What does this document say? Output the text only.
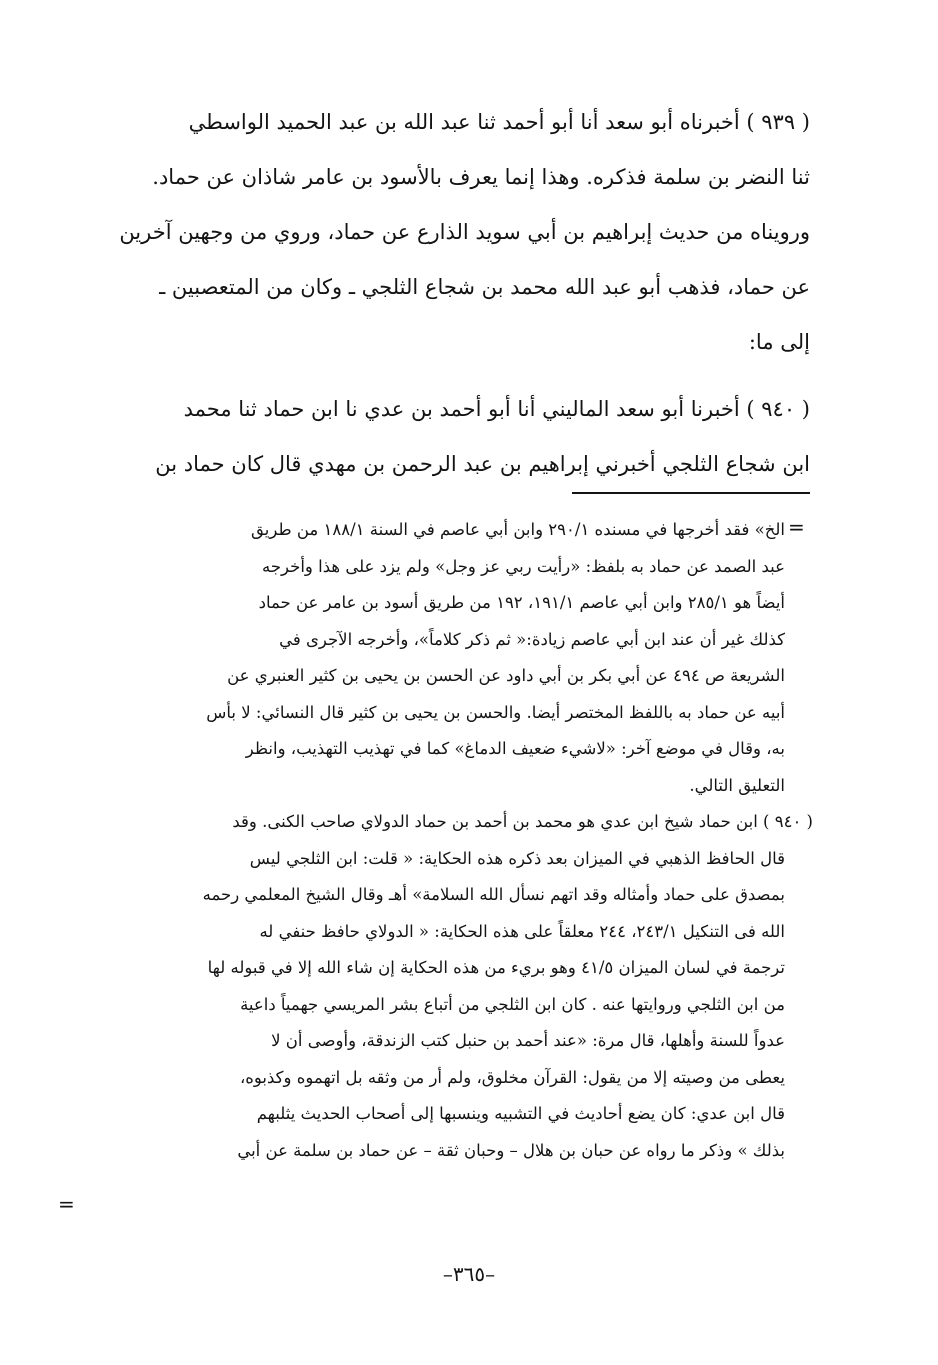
( ٩٣٩ ) أخبرناه أبو سعد أنا أبو أحمد ثنا عبد الله بن عبد الحميد الواسطي
ثنا النضر بن سلمة فذكره. وهذا إنما يعرف بالأسود بن عامر شاذان عن حماد.
ورويناه من حديث إبراهيم بن أبي سويد الذارع عن حماد، وروي من وجهين آخرين
عن حماد، فذهب أبو عبد الله محمد بن شجاع الثلجي ـ وكان من المتعصبين ـ
إلى ما:

( ٩٤٠ ) أخبرنا أبو سعد الماليني أنا أبو أحمد بن عدي نا ابن حماد ثنا محمد
ابن شجاع الثلجي أخبرني إبراهيم بن عبد الرحمن بن مهدي قال كان حماد بن

=
الخ» فقد أخرجها في مسنده ٢٩٠/١ وابن أبي عاصم في السنة ١٨٨/١ من طريق
عبد الصمد عن حماد به بلفظ: «رأيت ربي عز وجل» ولم يزد على هذا وأخرجه
أيضاً هو ٢٨٥/١ وابن أبي عاصم ١٩١/١، ١٩٢ من طريق أسود بن عامر عن حماد
كذلك غير أن عند ابن أبي عاصم زيادة:« ثم ذكر كلاماً»، وأخرجه الآجرى في
الشريعة ص ٤٩٤ عن أبي بكر بن أبي داود عن الحسن بن يحيى بن كثير العنبري عن
أبيه عن حماد به باللفظ المختصر أيضا. والحسن بن يحيى بن كثير قال النسائي: لا بأس
به، وقال في موضع آخر: «لاشيء ضعيف الدماغ» كما في تهذيب التهذيب، وانظر
التعليق التالي.
( ٩٤٠ ) ابن حماد شيخ ابن عدي هو محمد بن أحمد بن حماد الدولاي صاحب الكنى. وقد
قال الحافظ الذهبي في الميزان بعد ذكره هذه الحكاية: « قلت: ابن الثلجي ليس
بمصدق على حماد وأمثاله وقد اتهم نسأل الله السلامة» أهـ وقال الشيخ المعلمي رحمه
الله فى التنكيل ٢٤٣/١، ٢٤٤ معلقاً على هذه الحكاية: « الدولاي حافظ حنفي له
ترجمة في لسان الميزان ٤١/٥ وهو بريء من هذه الحكاية إن شاء الله إلا في قبوله لها
من ابن الثلجي وروايتها عنه . كان ابن الثلجي من أتباع بشر المريسي جهمياً داعية
عدواً للسنة وأهلها، قال مرة: «عند أحمد بن حنبل كتب الزندقة، وأوصى أن لا
يعطى من وصيته إلا من يقول: القرآن مخلوق، ولم أر من وثقه بل اتهموه وكذبوه،
قال ابن عدي: كان يضع أحاديث في التشبيه وينسبها إلى أصحاب الحديث يثلبهم
بذلك » وذكر ما رواه عن حبان بن هلال – وحبان ثقة – عن حماد بن سلمة عن أبي
=
–٣٦٥–
